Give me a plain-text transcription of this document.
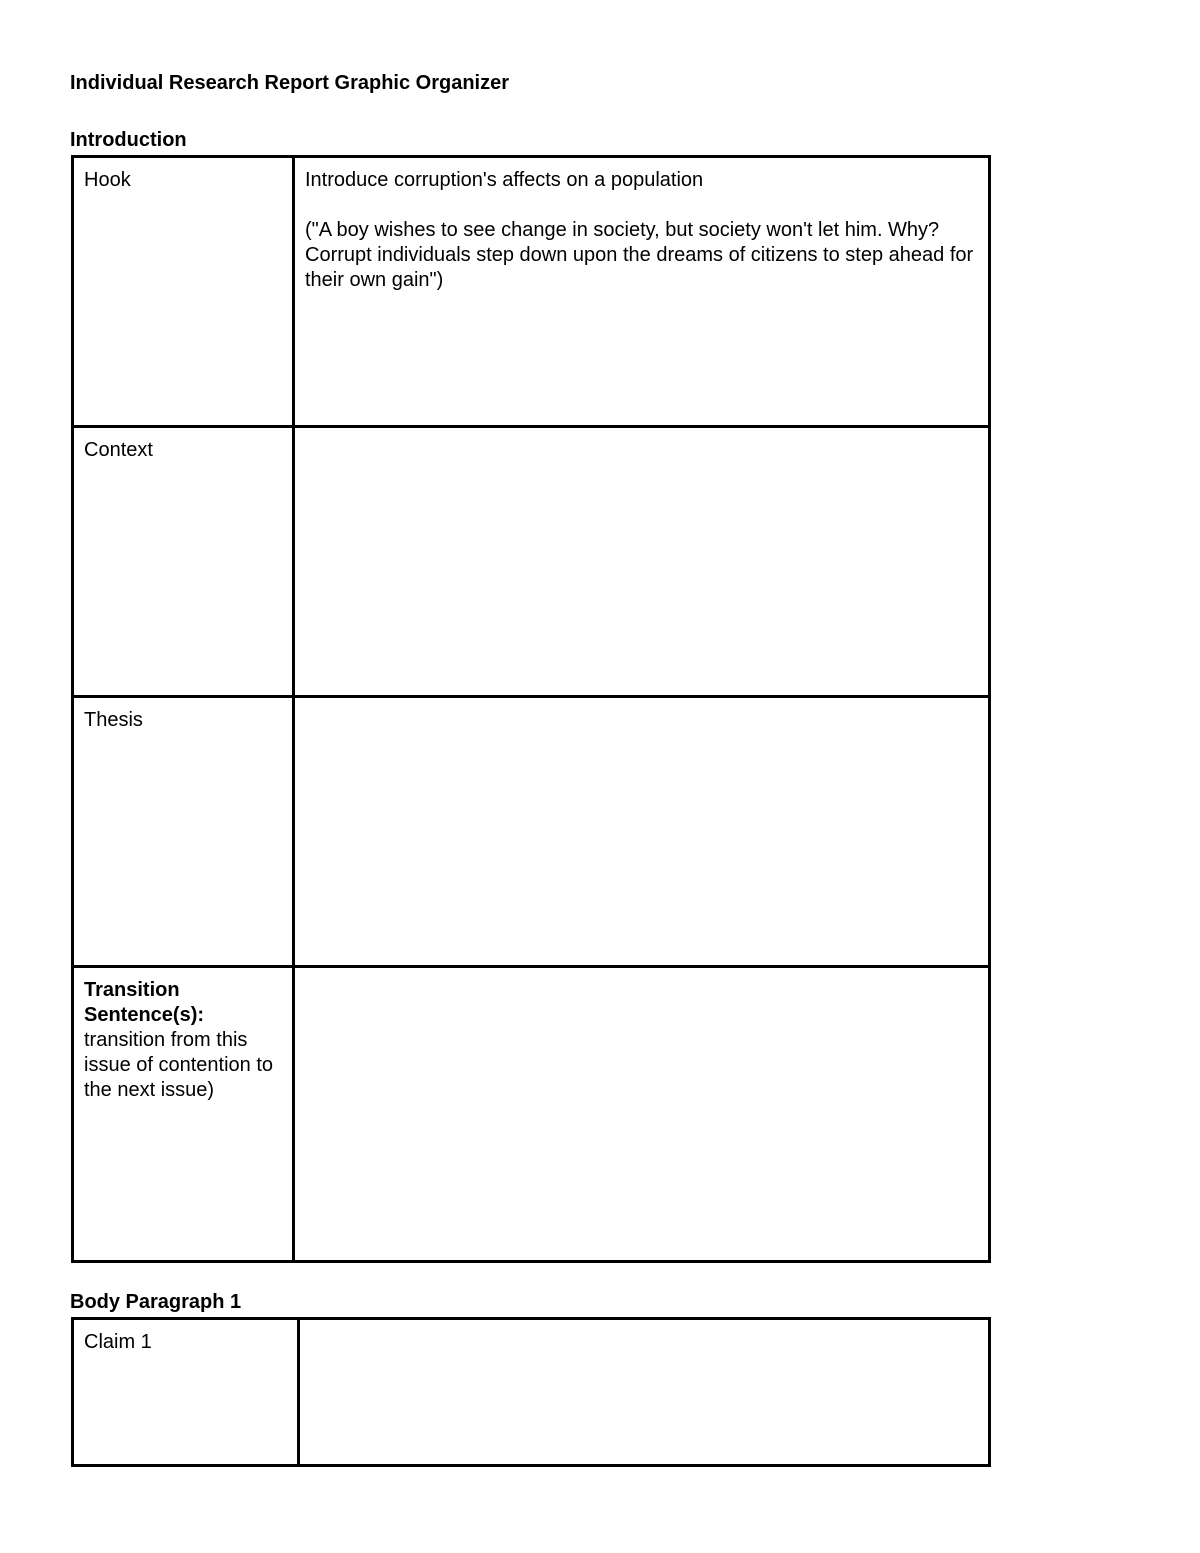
Individual Research Report Graphic Organizer
Introduction
Hook	Introduce corruption's affects on a population
("A boy wishes to see change in society, but society won't let him. Why? Corrupt individuals step down upon the dreams of citizens to step ahead for their own gain")

Context	

Thesis	

Transition Sentence(s):
transition from this issue of contention to the next issue)	

Body Paragraph 1
Claim 1
